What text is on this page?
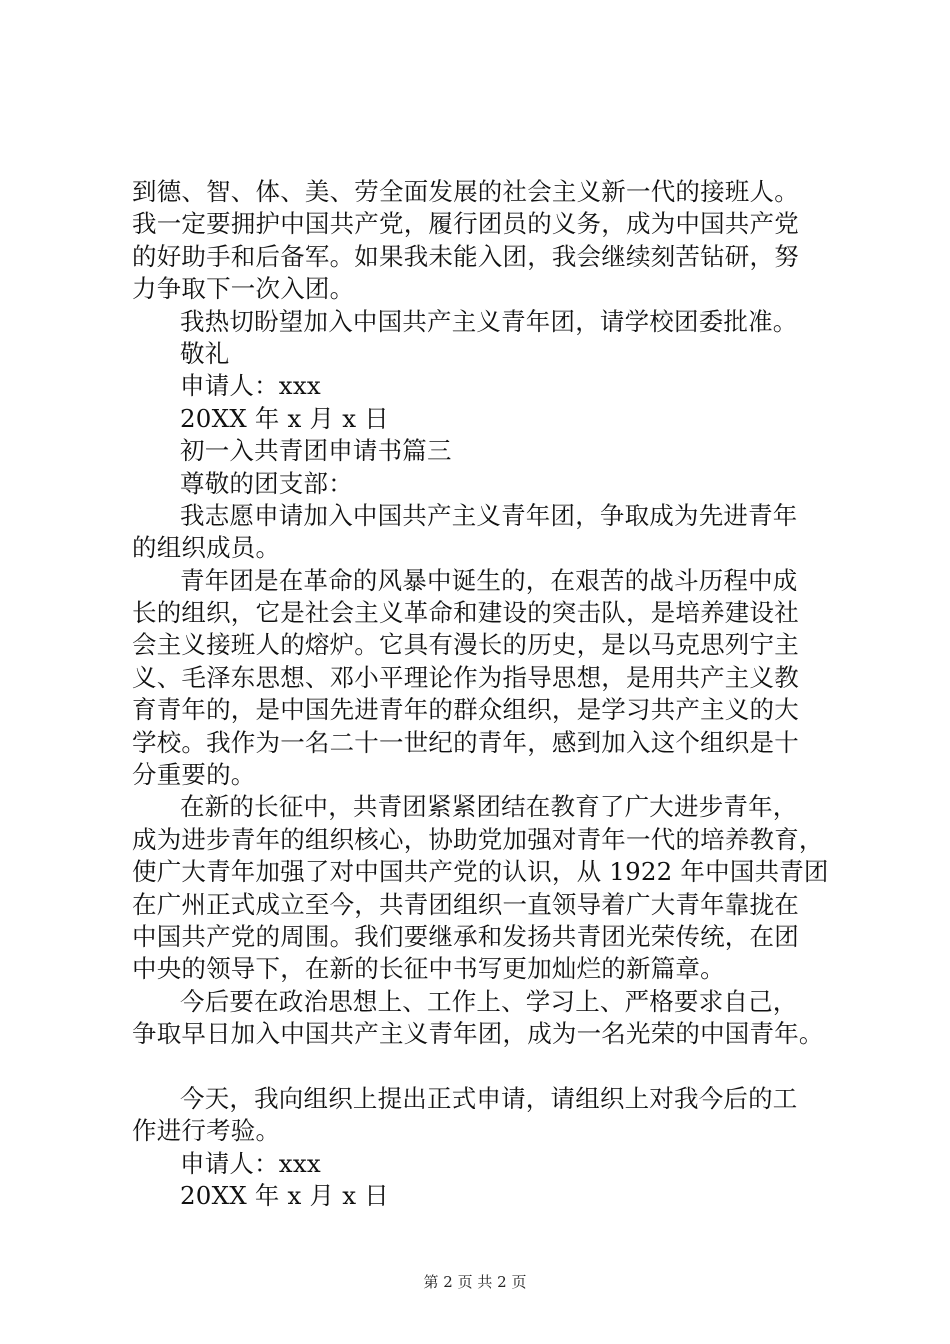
到德、智、体、美、劳全面发展的社会主义新一代的接班人。
我一定要拥护中国共产党，履行团员的义务，成为中国共产党
的好助手和后备军。如果我未能入团，我会继续刻苦钻研，努
力争取下一次入团。
我热切盼望加入中国共产主义青年团，请学校团委批准。
敬礼
申请人：xxx
20XX 年 x 月 x 日
初一入共青团申请书篇三
尊敬的团支部：
我志愿申请加入中国共产主义青年团，争取成为先进青年
的组织成员。
青年团是在革命的风暴中诞生的，在艰苦的战斗历程中成
长的组织，它是社会主义革命和建设的突击队，是培养建设社
会主义接班人的熔炉。它具有漫长的历史，是以马克思列宁主
义、毛泽东思想、邓小平理论作为指导思想，是用共产主义教
育青年的，是中国先进青年的群众组织，是学习共产主义的大
学校。我作为一名二十一世纪的青年，感到加入这个组织是十
分重要的。
在新的长征中，共青团紧紧团结在教育了广大进步青年，
成为进步青年的组织核心，协助党加强对青年一代的培养教育，
使广大青年加强了对中国共产党的认识，从 1922 年中国共青团
在广州正式成立至今，共青团组织一直领导着广大青年靠拢在
中国共产党的周围。我们要继承和发扬共青团光荣传统，在团
中央的领导下，在新的长征中书写更加灿烂的新篇章。
今后要在政治思想上、工作上、学习上、严格要求自己，
争取早日加入中国共产主义青年团，成为一名光荣的中国青年。
今天，我向组织上提出正式申请，请组织上对我今后的工
作进行考验。
申请人：xxx
20XX 年 x 月 x 日
第 2 页 共 2 页
